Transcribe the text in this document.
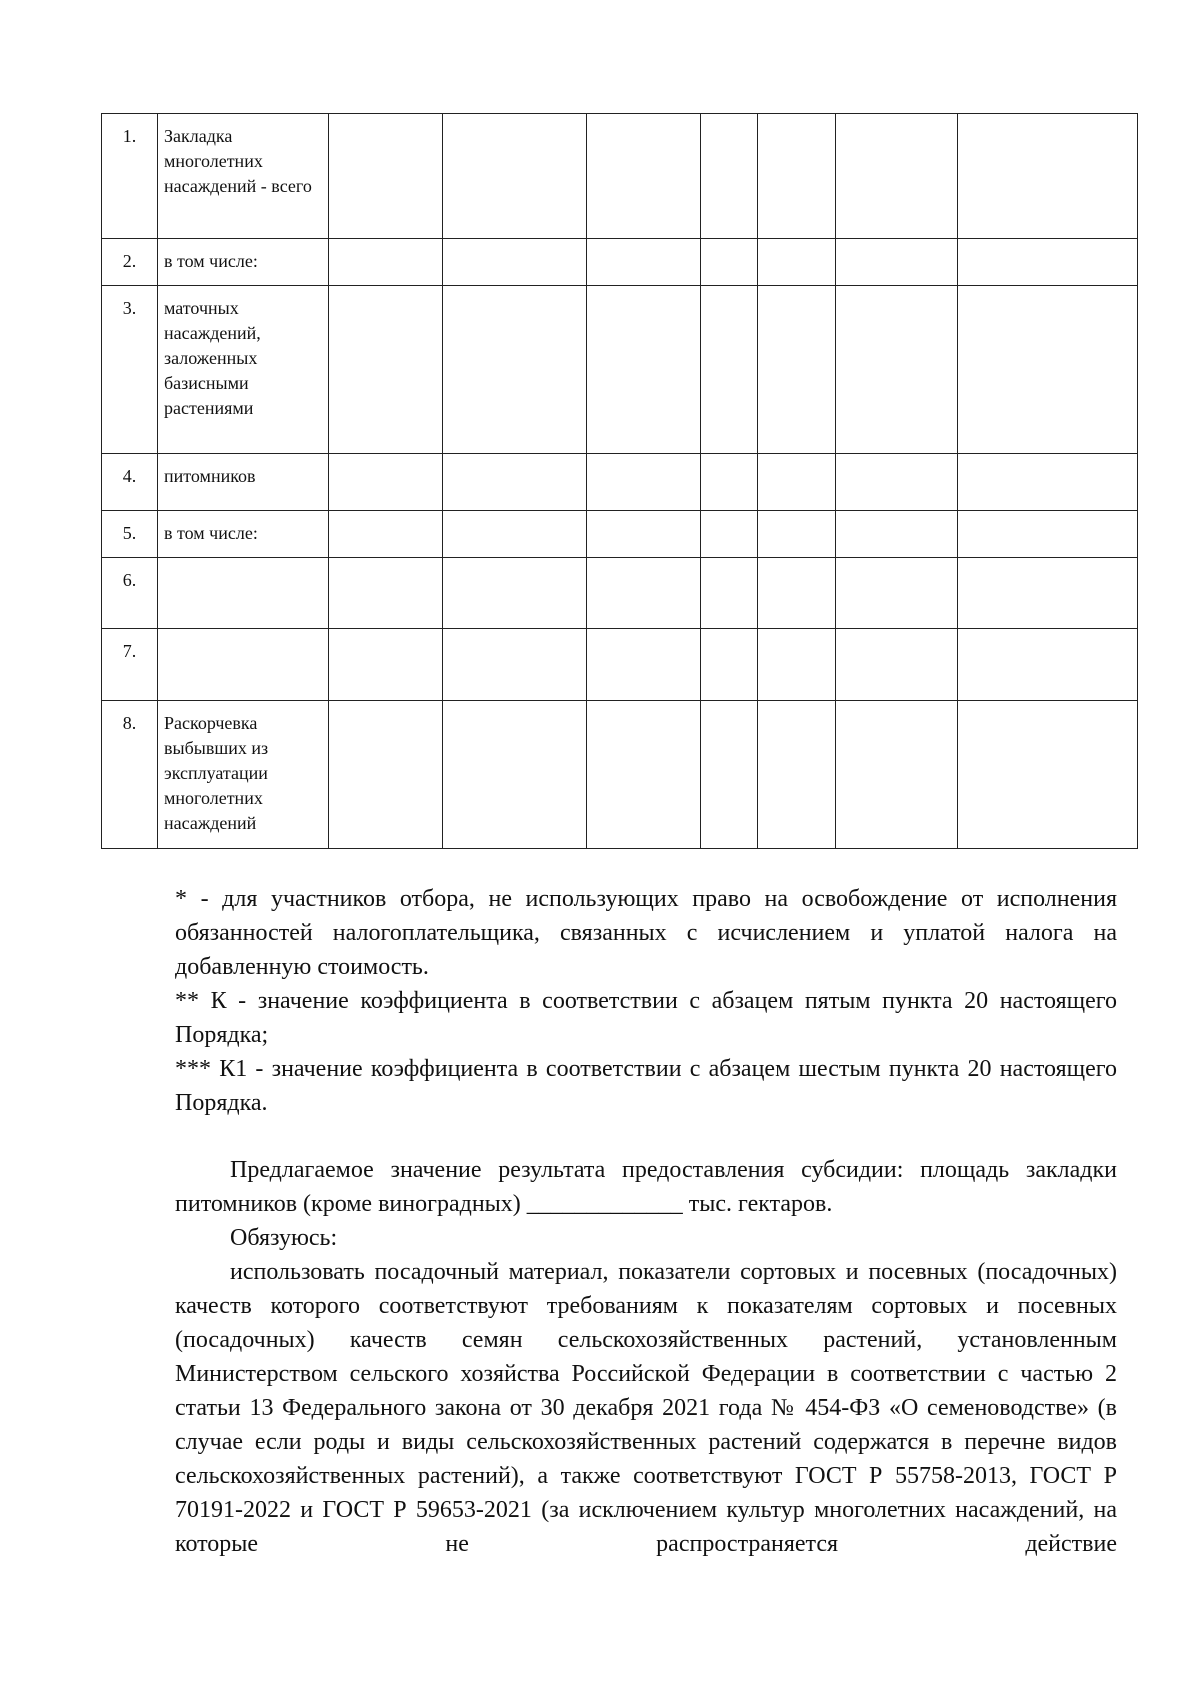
1.	Закладка многолетних насаждений - всего							
2.	в том числе:							
3.	маточных насаждений, заложенных базисными растениями							
4.	питомников							
5.	в том числе:							
6.								
7.								
8.	Раскорчевка выбывших из эксплуатации многолетних насаждений							

* - для участников отбора, не использующих право на освобождение от исполнения обязанностей налогоплательщика, связанных с исчислением и уплатой налога на добавленную стоимость.

** К - значение коэффициента в соответствии с абзацем пятым пункта 20 настоящего Порядка;

*** К1 - значение коэффициента в соответствии с абзацем шестым пункта 20 настоящего Порядка.

Предлагаемое значение результата предоставления субсидии: площадь закладки питомников (кроме виноградных) _____________ тыс. гектаров.

Обязуюсь:

использовать посадочный материал, показатели сортовых и посевных (посадочных) качеств которого соответствуют требованиям к показателям сортовых и посевных (посадочных) качеств семян сельскохозяйственных растений, установленным Министерством сельского хозяйства Российской Федерации в соответствии с частью 2 статьи 13 Федерального закона от 30 декабря 2021 года № 454-ФЗ «О семеноводстве» (в случае если роды и виды сельскохозяйственных растений содержатся в перечне видов сельскохозяйственных растений), а также соответствуют ГОСТ Р 55758-2013, ГОСТ Р 70191-2022 и ГОСТ Р 59653-2021 (за исключением культур многолетних насаждений, на которые не распространяется действие
